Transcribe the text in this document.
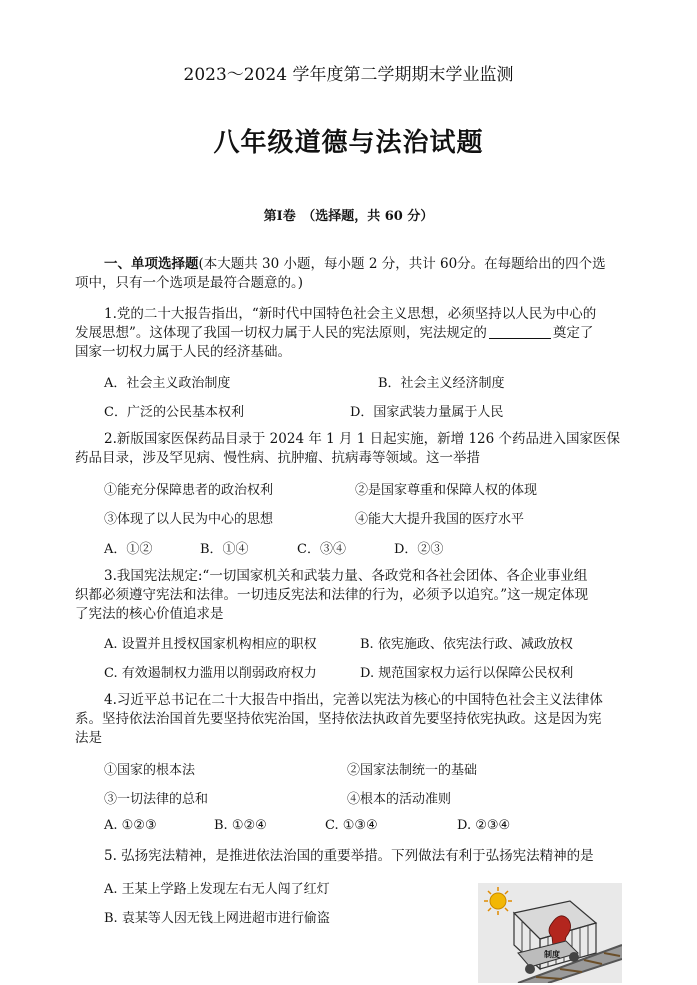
2023～2024 学年度第二学期期末学业监测
八年级道德与法治试题
第Ⅰ卷　（选择题，共 60 分）
一、单项选择题(本大题共 30 小题，每小题 2 分，共计 60分。在每题给出的四个选
项中，只有一个选项是最符合题意的。)
1.党的二十大报告指出，“新时代中国特色社会主义思想，必须坚持以人民为中心的
发展思想”。这体现了我国一切权力属于人民的宪法原则，宪法规定的	奠定了
国家一切权力属于人民的经济基础。
A．社会主义政治制度	B．社会主义经济制度
C．广泛的公民基本权利	D．国家武装力量属于人民
2.新版国家医保药品目录于 2024 年 1 月 1 日起实施，新增 126 个药品进入国家医保
药品目录，涉及罕见病、慢性病、抗肿瘤、抗病毒等领域。这一举措
①能充分保障患者的政治权利	②是国家尊重和保障人权的体现
③体现了以人民为中心的思想	④能大大提升我国的医疗水平
A．①②	B．①④	C．③④	D．②③
3.我国宪法规定:“一切国家机关和武装力量、各政党和各社会团体、各企业事业组
织都必须遵守宪法和法律。一切违反宪法和法律的行为，必须予以追究。”这一规定体现
了宪法的核心价值追求是
A. 设置并且授权国家机构相应的职权	B. 依宪施政、依宪法行政、减政放权
C. 有效遏制权力滥用以削弱政府权力	D. 规范国家权力运行以保障公民权利
4.习近平总书记在二十大报告中指出，完善以宪法为核心的中国特色社会主义法律体
系。坚持依法治国首先要坚持依宪治国，坚持依法执政首先要坚持依宪执政。这是因为宪
法是
①国家的根本法	②国家法制统一的基础
③一切法律的总和	④根本的活动准则
A. ①②③	B. ①②④	C. ①③④	D. ②③④
5. 弘扬宪法精神，是推进依法治国的重要举措。下列做法有利于弘扬宪法精神的是
A. 王某上学路上发现左右无人闯了红灯
B. 袁某等人因无钱上网进超市进行偷盗
制度
